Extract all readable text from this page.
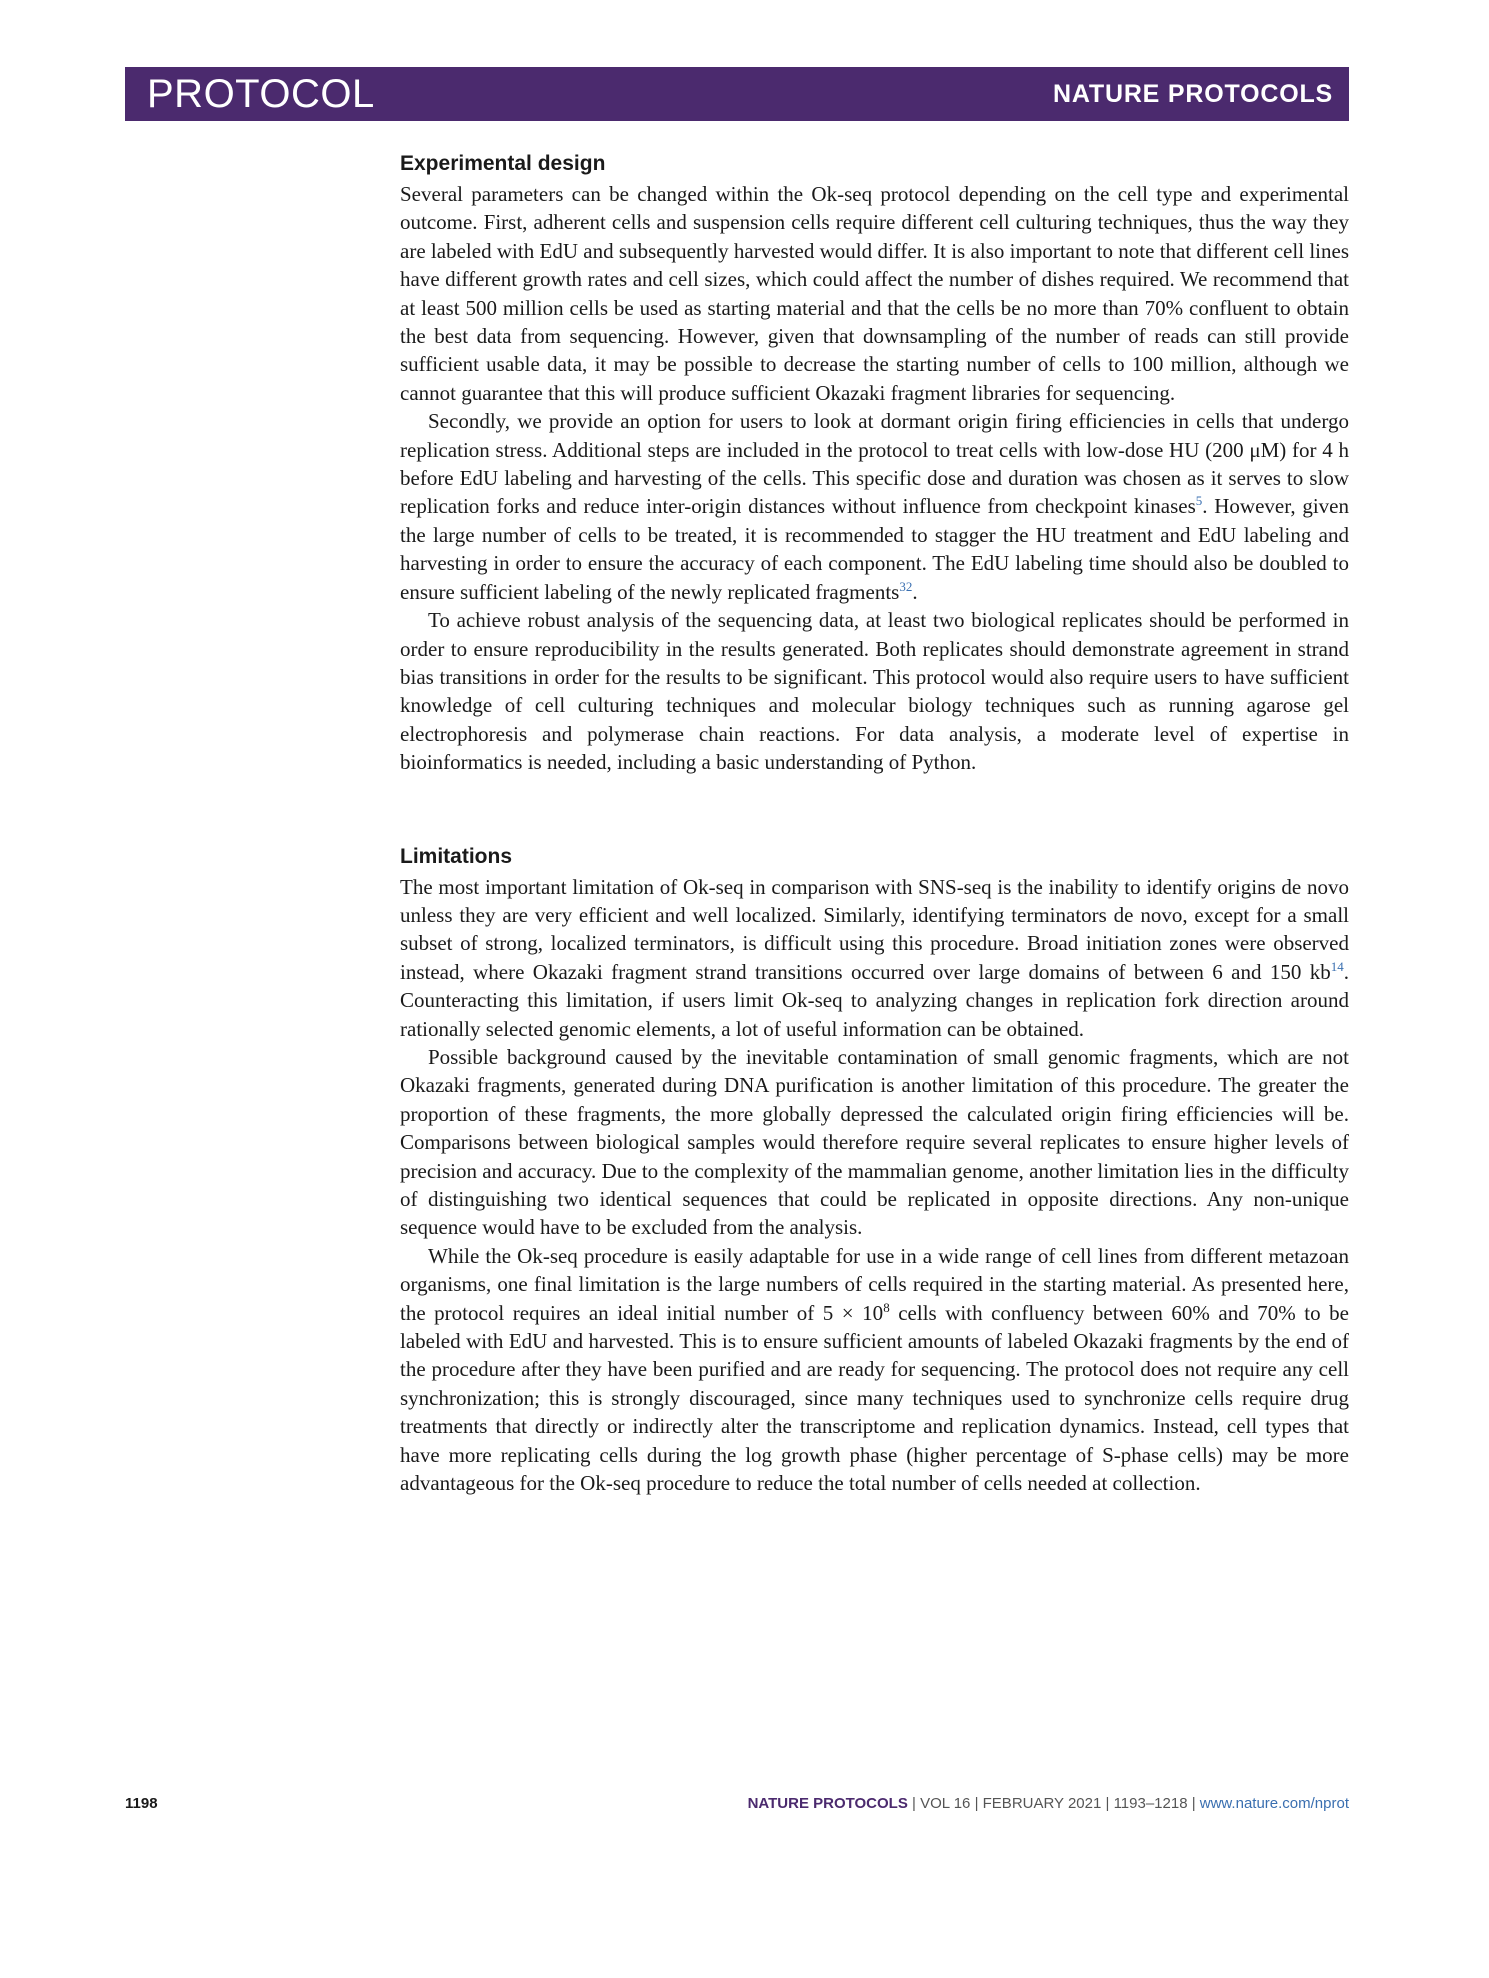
PROTOCOL	NATURE PROTOCOLS
Experimental design

Several parameters can be changed within the Ok-seq protocol depending on the cell type and experimental outcome. First, adherent cells and suspension cells require different cell culturing techniques, thus the way they are labeled with EdU and subsequently harvested would differ. It is also important to note that different cell lines have different growth rates and cell sizes, which could affect the number of dishes required. We recommend that at least 500 million cells be used as starting material and that the cells be no more than 70% confluent to obtain the best data from sequencing. However, given that downsampling of the number of reads can still provide sufficient usable data, it may be possible to decrease the starting number of cells to 100 million, although we cannot guarantee that this will produce sufficient Okazaki fragment libraries for sequencing.

Secondly, we provide an option for users to look at dormant origin firing efficiencies in cells that undergo replication stress. Additional steps are included in the protocol to treat cells with low-dose HU (200 μM) for 4 h before EdU labeling and harvesting of the cells. This specific dose and duration was chosen as it serves to slow replication forks and reduce inter-origin distances without influence from checkpoint kinases$^5$. However, given the large number of cells to be treated, it is recommended to stagger the HU treatment and EdU labeling and harvesting in order to ensure the accuracy of each component. The EdU labeling time should also be doubled to ensure sufficient labeling of the newly replicated fragments$^{32}$.

To achieve robust analysis of the sequencing data, at least two biological replicates should be performed in order to ensure reproducibility in the results generated. Both replicates should demonstrate agreement in strand bias transitions in order for the results to be significant. This protocol would also require users to have sufficient knowledge of cell culturing techniques and molecular biology techniques such as running agarose gel electrophoresis and polymerase chain reactions. For data analysis, a moderate level of expertise in bioinformatics is needed, including a basic understanding of Python.

Limitations

The most important limitation of Ok-seq in comparison with SNS-seq is the inability to identify origins de novo unless they are very efficient and well localized. Similarly, identifying terminators de novo, except for a small subset of strong, localized terminators, is difficult using this procedure. Broad initiation zones were observed instead, where Okazaki fragment strand transitions occurred over large domains of between 6 and 150 $kb^{14}$. Counteracting this limitation, if users limit Ok-seq to analyzing changes in replication fork direction around rationally selected genomic elements, a lot of useful information can be obtained.

Possible background caused by the inevitable contamination of small genomic fragments, which are not Okazaki fragments, generated during DNA purification is another limitation of this procedure. The greater the proportion of these fragments, the more globally depressed the calculated origin firing efficiencies will be. Comparisons between biological samples would therefore require several replicates to ensure higher levels of precision and accuracy. Due to the complexity of the mammalian genome, another limitation lies in the difficulty of distinguishing two identical sequences that could be replicated in opposite directions. Any non-unique sequence would have to be excluded from the analysis.

While the Ok-seq procedure is easily adaptable for use in a wide range of cell lines from different metazoan organisms, one final limitation is the large numbers of cells required in the starting material. As presented here, the protocol requires an ideal initial number of $5 \times 10^8$ cells with confluency between 60% and 70% to be labeled with EdU and harvested. This is to ensure sufficient amounts of labeled Okazaki fragments by the end of the procedure after they have been purified and are ready for sequencing. The protocol does not require any cell synchronization; this is strongly discouraged, since many techniques used to synchronize cells require drug treatments that directly or indirectly alter the transcriptome and replication dynamics. Instead, cell types that have more replicating cells during the log growth phase (higher percentage of S-phase cells) may be more advantageous for the Ok-seq procedure to reduce the total number of cells needed at collection.

1198	NATURE PROTOCOLS | VOL 16 | FEBRUARY 2021 | 1193–1218 | www.nature.com/nprot
